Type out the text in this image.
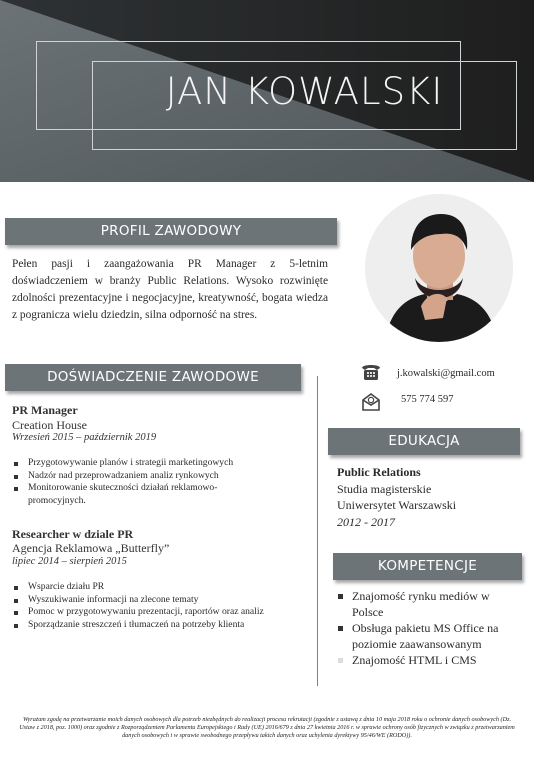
JAN KOWALSKI
PROFIL ZAWODOWY
Pełen pasji i zaangażowania PR Manager z 5-letnim doświadczeniem w branży Public Relations. Wysoko rozwinięte zdolności prezentacyjne i negocjacyjne, kreatywność, bogata wiedza z pogranicza wielu dziedzin, silna odporność na stres.
DOŚWIADCZENIE ZAWODOWE
PR Manager
Creation House
Wrzesień 2015 – październik 2019
Przygotowywanie planów i strategii marketingowych
Nadzór nad przeprowadzaniem analiz rynkowych
Monitorowanie skuteczności działań reklamowo-promocyjnych.
Researcher w dziale PR
Agencja Reklamowa „Butterfly”
lipiec 2014 – sierpień 2015
Wsparcie działu PR
Wyszukiwanie informacji na zlecone tematy
Pomoc w przygotowywaniu prezentacji, raportów oraz analiz
Sporządzanie streszczeń i tłumaczeń na potrzeby klienta
j.kowalski@gmail.com
575 774 597
EDUKACJA
Public Relations
Studia magisterskie
Uniwersytet Warszawski
2012 - 2017
KOMPETENCJE
Znajomość rynku mediów w Polsce
Obsługa pakietu MS Office na poziomie zaawansowanym
Znajomość HTML i CMS
Wyrażam zgodę na przetwarzanie moich danych osobowych dla potrzeb niezbędnych do realizacji procesu rekrutacji (zgodnie z ustawą z dnia 10 maja 2018 roku o ochronie danych osobowych (Dz. Ustaw z 2018, poz. 1000) oraz zgodnie z Rozporządzeniem Parlamentu Europejskiego i Rady (UE) 2016/679 z dnia 27 kwietnia 2016 r. w sprawie ochrony osób fizycznych w związku z przetwarzaniem danych osobowych i w sprawie swobodnego przepływu takich danych oraz uchylenia dyrektywy 95/46/WE (RODO)).
